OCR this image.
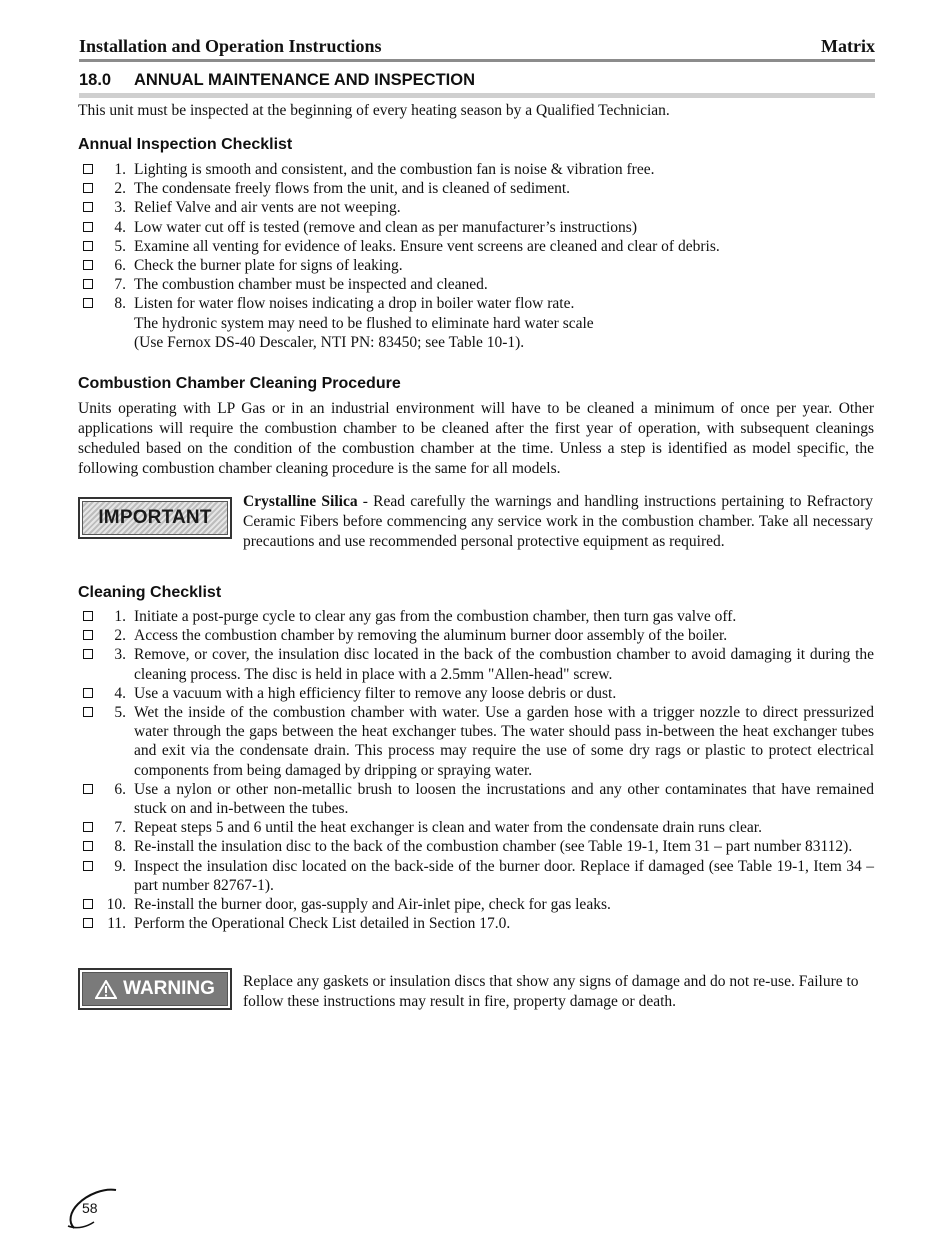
Installation and Operation Instructions	Matrix
18.0 ANNUAL MAINTENANCE AND INSPECTION
This unit must be inspected at the beginning of every heating season by a Qualified Technician.
Annual Inspection Checklist
1. Lighting is smooth and consistent, and the combustion fan is noise & vibration free.
2. The condensate freely flows from the unit, and is cleaned of sediment.
3. Relief Valve and air vents are not weeping.
4. Low water cut off is tested (remove and clean as per manufacturer’s instructions)
5. Examine all venting for evidence of leaks. Ensure vent screens are cleaned and clear of debris.
6. Check the burner plate for signs of leaking.
7. The combustion chamber must be inspected and cleaned.
8. Listen for water flow noises indicating a drop in boiler water flow rate.
The hydronic system may need to be flushed to eliminate hard water scale
(Use Fernox DS-40 Descaler, NTI PN: 83450; see Table 10-1).
Combustion Chamber Cleaning Procedure
Units operating with LP Gas or in an industrial environment will have to be cleaned a minimum of once per year. Other applications will require the combustion chamber to be cleaned after the first year of operation, with subsequent cleanings scheduled based on the condition of the combustion chamber at the time. Unless a step is identified as model specific, the following combustion chamber cleaning procedure is the same for all models.
IMPORTANT
Crystalline Silica - Read carefully the warnings and handling instructions pertaining to Refractory Ceramic Fibers before commencing any service work in the combustion chamber. Take all necessary precautions and use recommended personal protective equipment as required.
Cleaning Checklist
1. Initiate a post-purge cycle to clear any gas from the combustion chamber, then turn gas valve off.
2. Access the combustion chamber by removing the aluminum burner door assembly of the boiler.
3. Remove, or cover, the insulation disc located in the back of the combustion chamber to avoid damaging it during the cleaning process. The disc is held in place with a 2.5mm "Allen-head" screw.
4. Use a vacuum with a high efficiency filter to remove any loose debris or dust.
5. Wet the inside of the combustion chamber with water. Use a garden hose with a trigger nozzle to direct pressurized water through the gaps between the heat exchanger tubes. The water should pass in-between the heat exchanger tubes and exit via the condensate drain. This process may require the use of some dry rags or plastic to protect electrical components from being damaged by dripping or spraying water.
6. Use a nylon or other non-metallic brush to loosen the incrustations and any other contaminates that have remained stuck on and in-between the tubes.
7. Repeat steps 5 and 6 until the heat exchanger is clean and water from the condensate drain runs clear.
8. Re-install the insulation disc to the back of the combustion chamber (see Table 19-1, Item 31 – part number 83112).
9. Inspect the insulation disc located on the back-side of the burner door. Replace if damaged (see Table 19-1, Item 34 – part number 82767-1).
10. Re-install the burner door, gas-supply and Air-inlet pipe, check for gas leaks.
11. Perform the Operational Check List detailed in Section 17.0.
WARNING Replace any gaskets or insulation discs that show any signs of damage and do not re-use. Failure to follow these instructions may result in fire, property damage or death.
58
